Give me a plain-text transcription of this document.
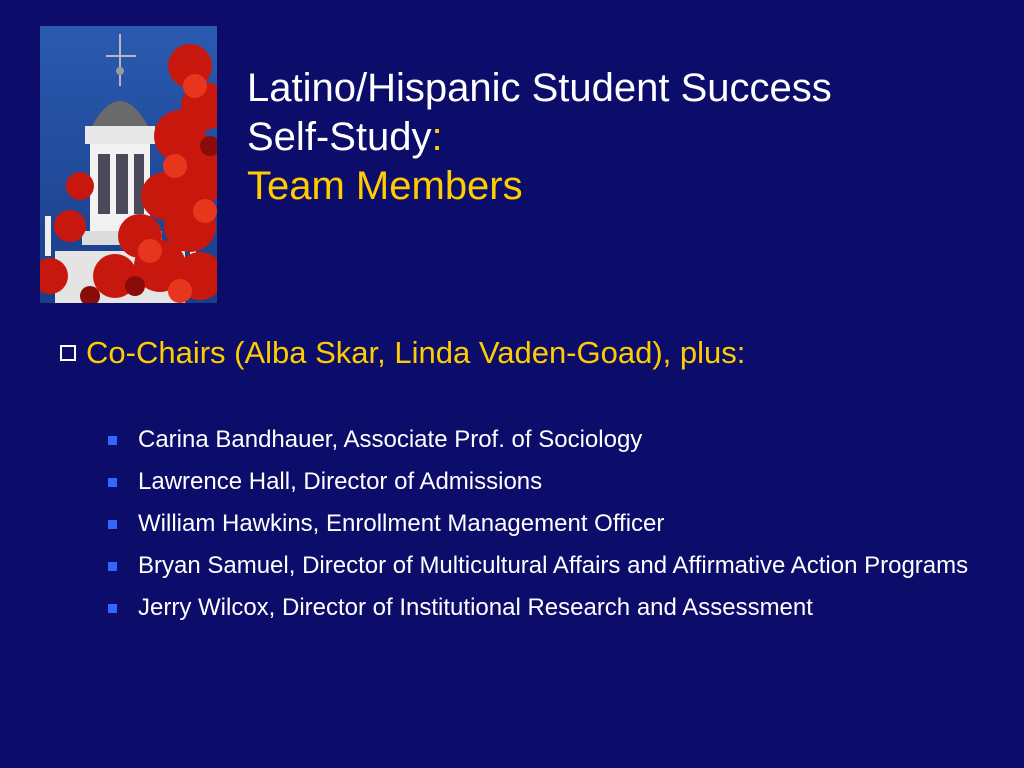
Latino/Hispanic Student Success
Self-Study:
Team Members
Co-Chairs (Alba Skar, Linda Vaden-Goad), plus:
Carina Bandhauer, Associate Prof. of Sociology
Lawrence Hall, Director of Admissions
William Hawkins, Enrollment Management Officer
Bryan Samuel, Director of Multicultural Affairs and Affirmative Action Programs
Jerry Wilcox, Director of Institutional Research and Assessment
